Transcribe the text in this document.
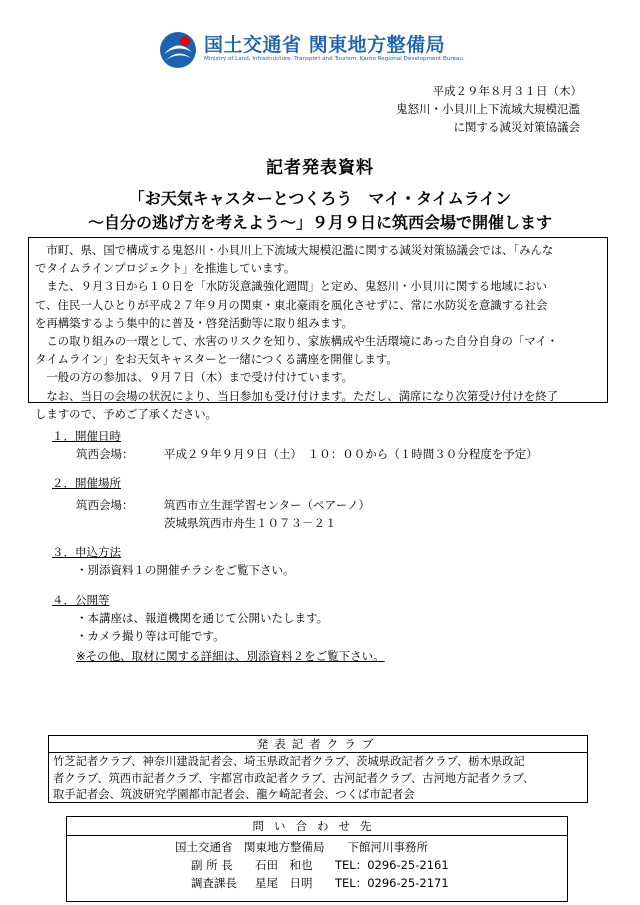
国土交通省 関東地方整備局
Ministry of Land, Infrastructure, Transport and Tourism. Kanto Regional Development Bureau.
平成２９年８月３１日（木）
鬼怒川・小貝川上下流域大規模氾濫
に関する減災対策協議会
記者発表資料
「お天気キャスターとつくろう　マイ・タイムライン
～自分の逃げ方を考えよう～」９月９日に筑西会場で開催します

市町、県、国で構成する鬼怒川・小貝川上下流域大規模氾濫に関する減災対策協議会では、「みんな

でタイムラインプロジェクト」を推進しています。

また、９月３日から１０日を「水防災意識強化週間」と定め、鬼怒川・小貝川に関する地域におい

て、住民一人ひとりが平成２７年９月の関東・東北豪雨を風化させずに、常に水防災を意識する社会
を再構築するよう集中的に普及・啓発活動等に取り組みます。

この取り組みの一環として、水害のリスクを知り、家族構成や生活環境にあった自分自身の「マイ・

タイムライン」をお天気キャスターと一緒につくる講座を開催します。

一般の方の参加は、９月７日（木）まで受け付けています。

なお、当日の会場の状況により、当日参加も受け付けます。ただし、満席になり次第受け付けを終了

しますので、予めご了承ください。
１．開催日時
筑西会場：	平成２９年９月９日（土）　１０：００から（１時間３０分程度を予定）
２．開催場所
筑西会場：	筑西市立生涯学習センター（ペアーノ）
茨城県筑西市舟生１０７３－２１
３．申込方法
・別添資料１の開催チラシをご覧下さい。
４．公開等
・本講座は、報道機関を通じて公開いたします。
・カメラ撮り等は可能です。
※その他、取材に関する詳細は、別添資料２をご覧下さい。
発表記者クラブ
竹芝記者クラブ、神奈川建設記者会、埼玉県政記者クラブ、茨城県政記者クラブ、栃木県政記
者クラブ、筑西市記者クラブ、宇都宮市政記者クラブ、古河記者クラブ、古河地方記者クラブ、
取手記者会、筑波研究学園都市記者会、龍ケ崎記者会、つくば市記者会
問い合わせ先
国土交通省　関東地方整備局　　下館河川事務所
副 所 長 石田　和也 TEL：0296-25-2161
調査課長 星尾　日明 TEL：0296-25-2171
